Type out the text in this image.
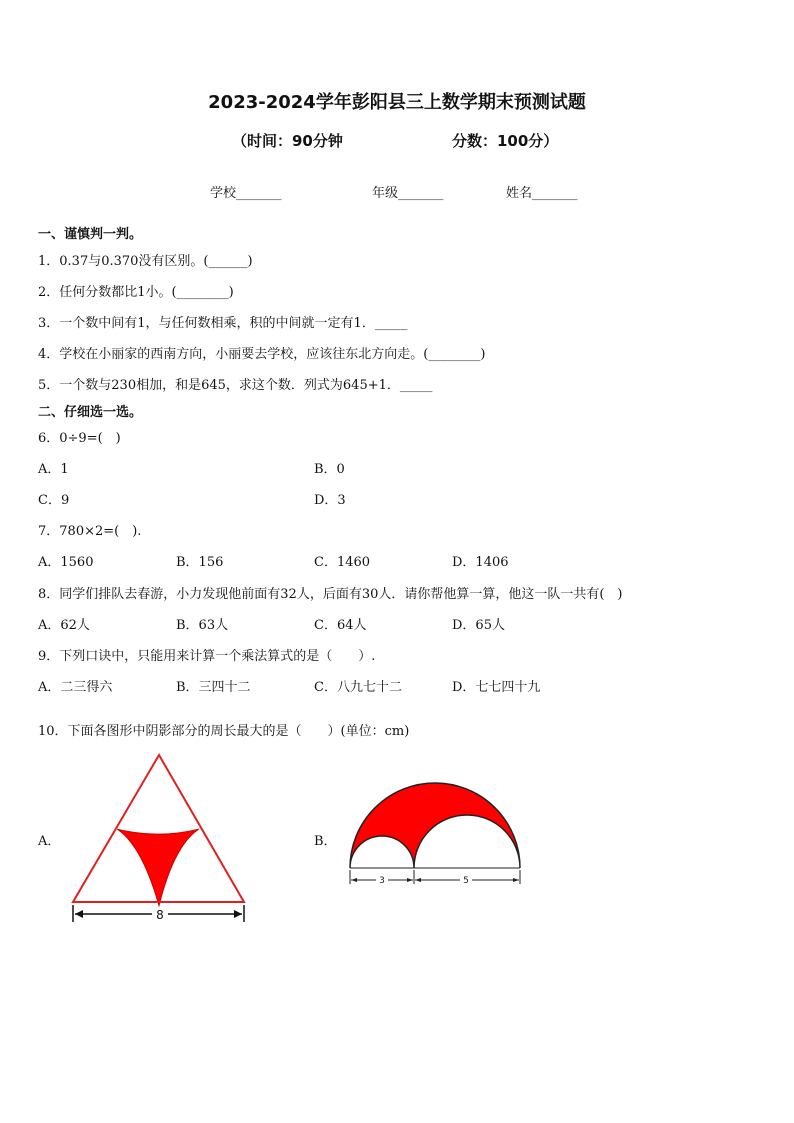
2023-2024学年彭阳县三上数学期末预测试题
（时间：90分钟	分数：100分）
学校_______	年级_______	姓名_______
一、谨慎判一判。
1．0.37与0.370没有区别。(______)
2．任何分数都比1小。(________)
3．一个数中间有1，与任何数相乘，积的中间就一定有1．_____
4．学校在小丽家的西南方向，小丽要去学校，应该往东北方向走。(________)
5．一个数与230相加，和是645，求这个数．列式为645+1．_____
二、仔细选一选。
6．0÷9=(　)
A．1	B．0
C．9	D．3
7．780×2=(　).
A．1560	B．156	C．1460	D．1406
8．同学们排队去春游，小力发现他前面有32人，后面有30人．请你帮他算一算，他这一队一共有(　)
A．62人	B．63人	C．64人	D．65人
9．下列口诀中，只能用来计算一个乘法算式的是（　　）.
A．二三得六	B．三四十二	C．八九七十二	D．七七四十九
10．下面各图形中阴影部分的周长最大的是（　　）(单位：cm)
A．	B．
8
3	5
